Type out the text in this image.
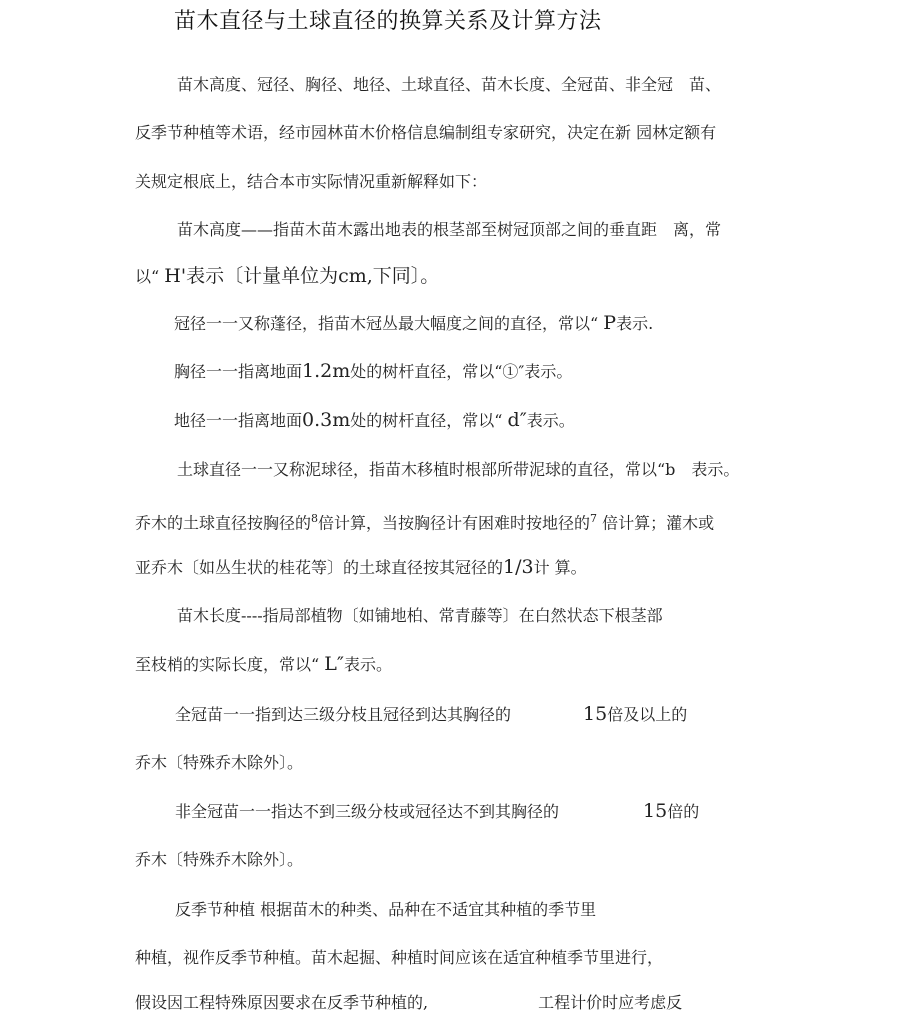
苗木直径与土球直径的换算关系及计算方法
苗木高度、冠径、胸径、地径、土球直径、苗木长度、全冠苗、非全冠　苗、
反季节种植等术语，经市园林苗木价格信息编制组专家研究，决定在新 园林定额有
关规定根底上，结合本市实际情况重新解释如下：
苗木高度——指苗木苗木露出地表的根茎部至树冠顶部之间的垂直距　离，常
以“ H'表示〔计量单位为cm,下同〕。
冠径一一又称蓬径，指苗木冠丛最大幅度之间的直径，常以“ P表示.
胸径一一指离地面1.2m处的树杆直径，常以“①″表示。
地径一一指离地面0.3m处的树杆直径，常以“ d″表示。
土球直径一一又称泥球径，指苗木移植时根部所带泥球的直径，常以“b　表示。
乔木的土球直径按胸径的$^8$倍计算，当按胸径计有困难时按地径的$^7$ 倍计算；灌木或
亚乔木〔如丛生状的桂花等〕的土球直径按其冠径的1/3计 算。
苗木长度----指局部植物〔如铺地柏、常青藤等〕在白然状态下根茎部
至枝梢的实际长度，常以“ L″表示。
全冠苗一一指到达三级分枝且冠径到达其胸径的	15倍及以上的
乔木〔特殊乔木除外〕。
非全冠苗一一指达不到三级分枝或冠径达不到其胸径的	15倍的
乔木〔特殊乔木除外〕。
反季节种植 根据苗木的种类、品种在不适宜其种植的季节里
种植，视作反季节种植。苗木起掘、种植时间应该在适宜种植季节里进行，
假设因工程特殊原因要求在反季节种植的,	工程计价时应考虑反
